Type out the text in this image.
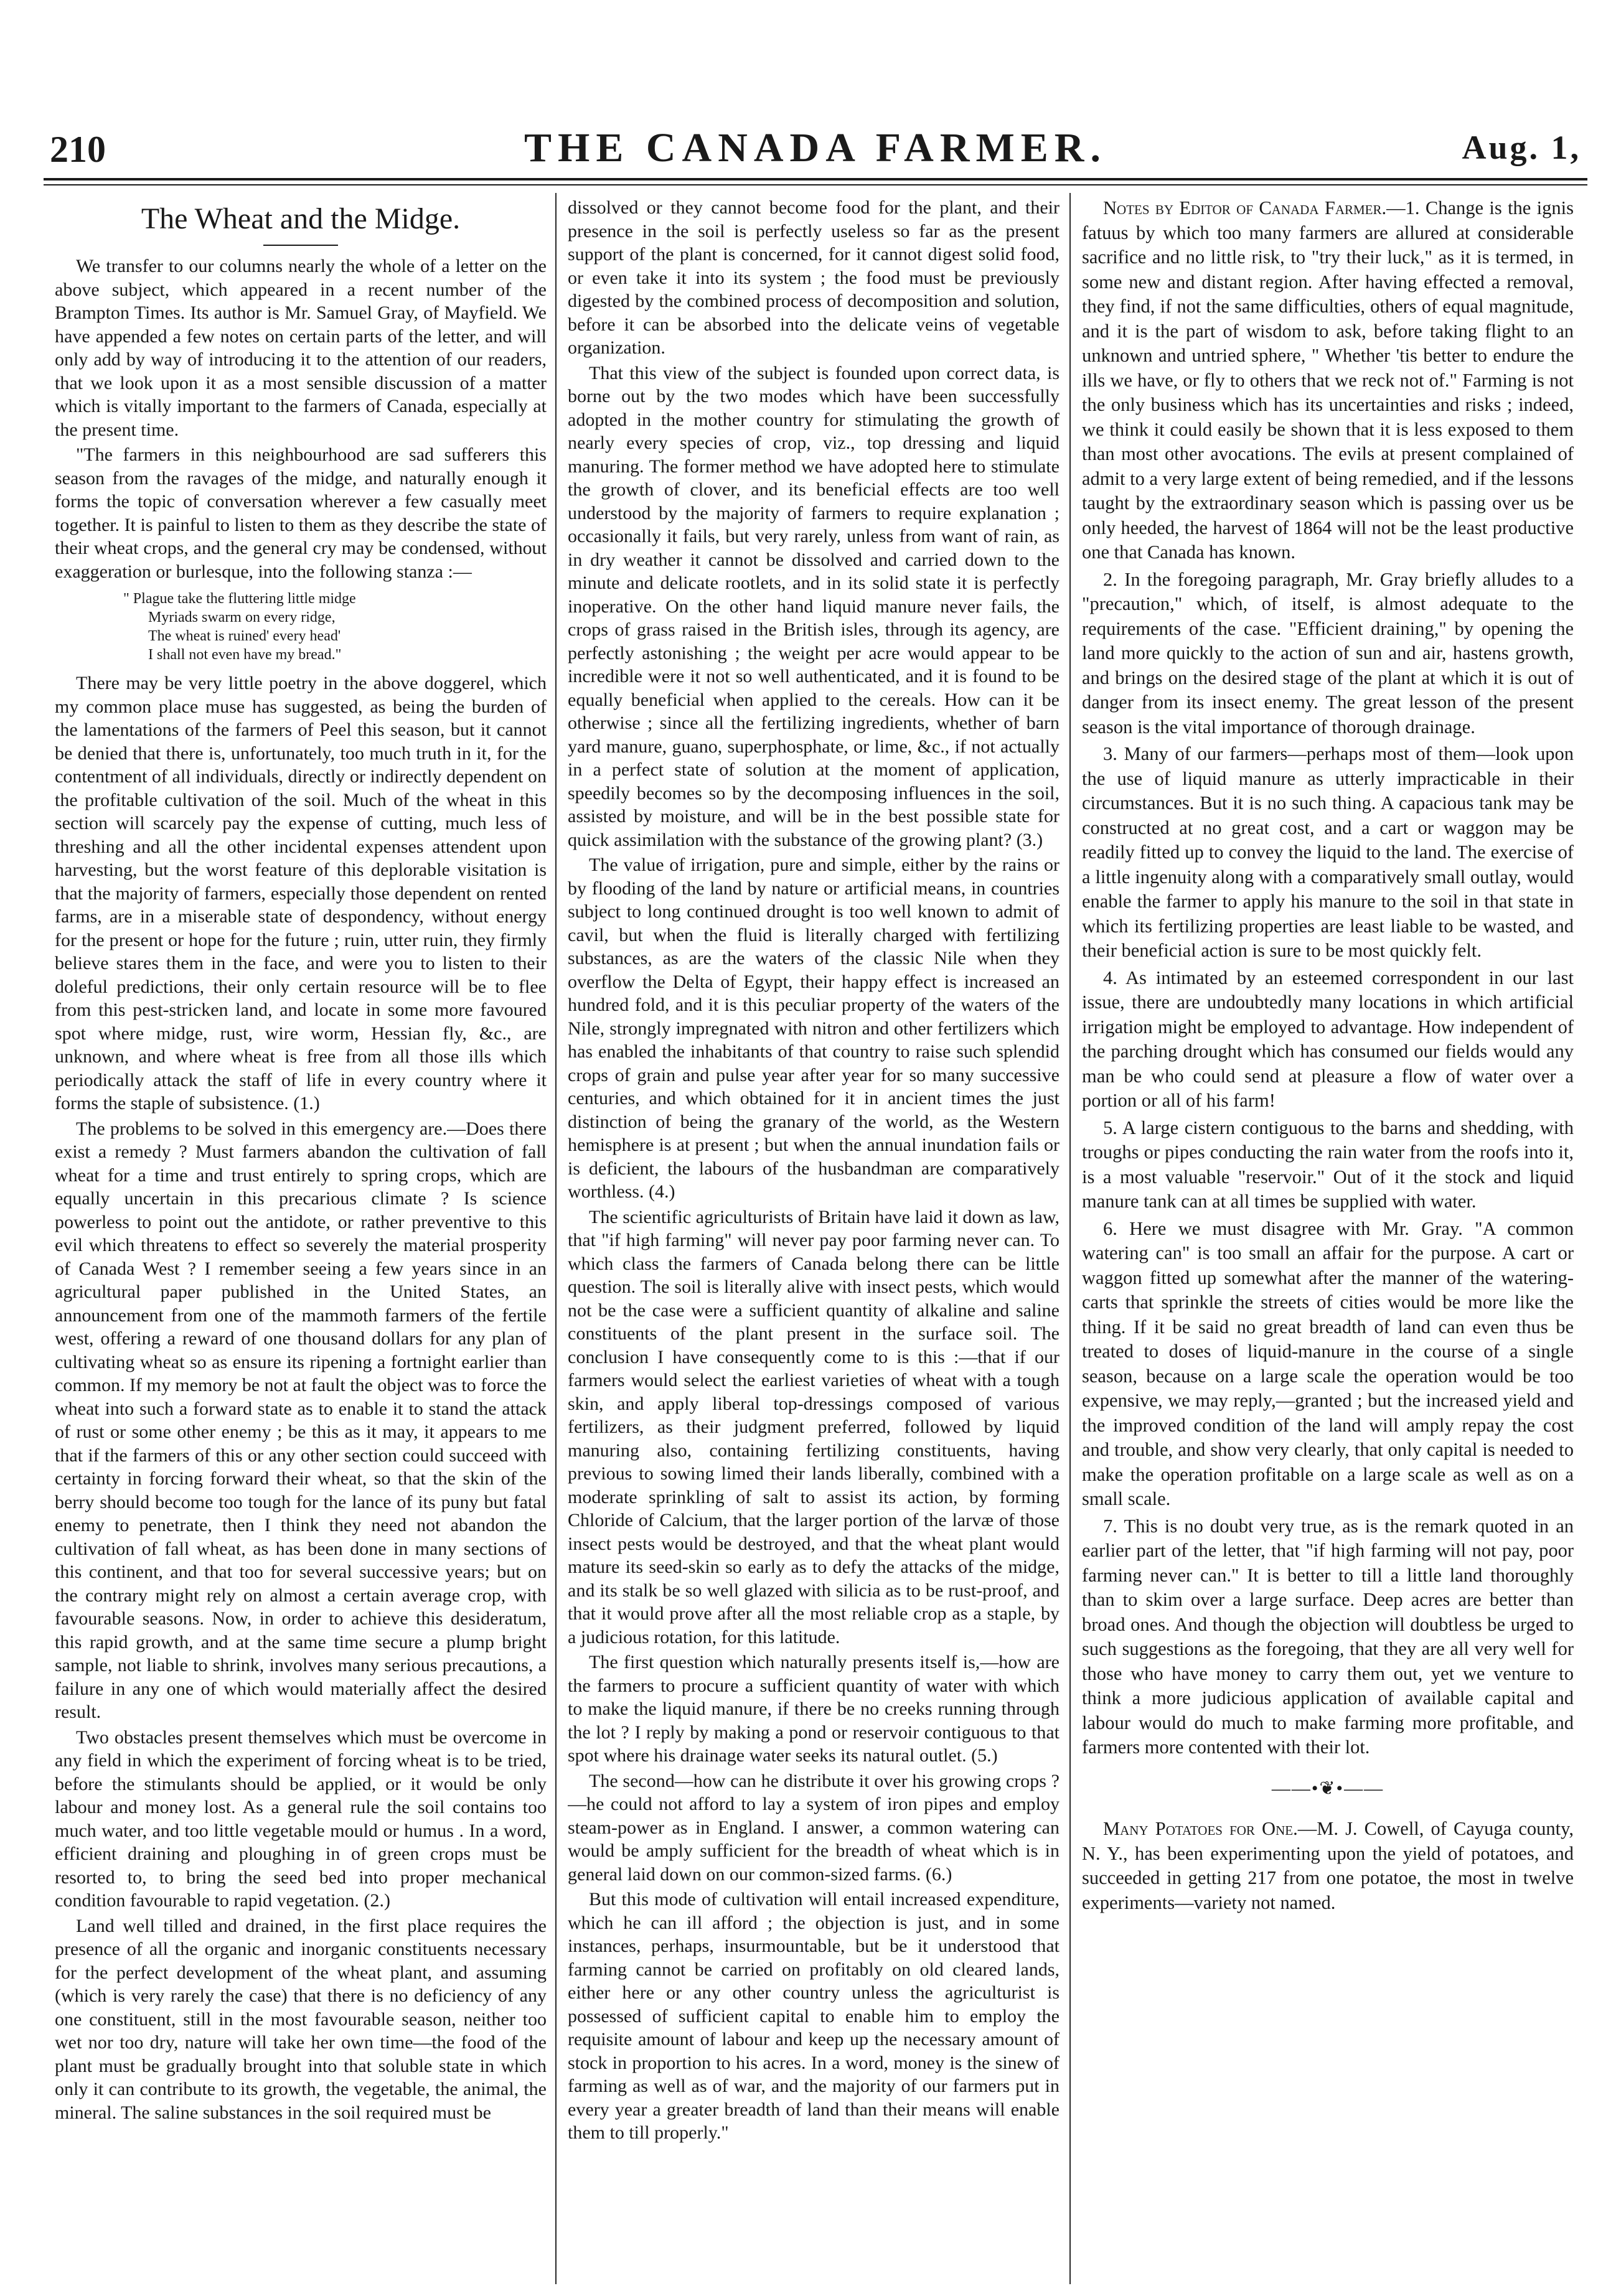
210	THE CANADA FARMER.	Aug. 1,
The Wheat and the Midge.

We transfer to our columns nearly the whole of a letter on the above subject, which appeared in a recent number of the Brampton Times. Its author is Mr. Samuel Gray, of Mayfield. We have appended a few notes on certain parts of the letter, and will only add by way of introducing it to the attention of our readers, that we look upon it as a most sensible discussion of a matter which is vitally important to the farmers of Canada, especially at the present time.

"The farmers in this neighbourhood are sad sufferers this season from the ravages of the midge, and naturally enough it forms the topic of conversation wherever a few casually meet together. It is painful to listen to them as they describe the state of their wheat crops, and the general cry may be condensed, without exaggeration or burlesque, into the following stanza :—

" Plague take the fluttering little midge
Myriads swarm on every ridge,
The wheat is ruined' every head'
I shall not even have my bread."

There may be very little poetry in the above doggerel, which my common place muse has suggested, as being the burden of the lamentations of the farmers of Peel this season, but it cannot be denied that there is, unfortunately, too much truth in it, for the contentment of all individuals, directly or indirectly dependent on the profitable cultivation of the soil. Much of the wheat in this section will scarcely pay the expense of cutting, much less of threshing and all the other incidental expenses attendent upon harvesting, but the worst feature of this deplorable visitation is that the majority of farmers, especially those dependent on rented farms, are in a miserable state of despondency, without energy for the present or hope for the future ; ruin, utter ruin, they firmly believe stares them in the face, and were you to listen to their doleful predictions, their only certain resource will be to flee from this pest-stricken land, and locate in some more favoured spot where midge, rust, wire worm, Hessian fly, &c., are unknown, and where wheat is free from all those ills which periodically attack the staff of life in every country where it forms the staple of subsistence. (1.)

The problems to be solved in this emergency are.—Does there exist a remedy ? Must farmers abandon the cultivation of fall wheat for a time and trust entirely to spring crops, which are equally uncertain in this precarious climate ? Is science powerless to point out the antidote, or rather preventive to this evil which threatens to effect so severely the material prosperity of Canada West ? I remember seeing a few years since in an agricultural paper published in the United States, an announcement from one of the mammoth farmers of the fertile west, offering a reward of one thousand dollars for any plan of cultivating wheat so as ensure its ripening a fortnight earlier than common. If my memory be not at fault the object was to force the wheat into such a forward state as to enable it to stand the attack of rust or some other enemy ; be this as it may, it appears to me that if the farmers of this or any other section could succeed with certainty in forcing forward their wheat, so that the skin of the berry should become too tough for the lance of its puny but fatal enemy to penetrate, then I think they need not abandon the cultivation of fall wheat, as has been done in many sections of this continent, and that too for several successive years; but on the contrary might rely on almost a certain average crop, with favourable seasons. Now, in order to achieve this desideratum, this rapid growth, and at the same time secure a plump bright sample, not liable to shrink, involves many serious precautions, a failure in any one of which would materially affect the desired result.

Two obstacles present themselves which must be overcome in any field in which the experiment of forcing wheat is to be tried, before the stimulants should be applied, or it would be only labour and money lost. As a general rule the soil contains too much water, and too little vegetable mould or humus . In a word, efficient draining and ploughing in of green crops must be resorted to, to bring the seed bed into proper mechanical condition favourable to rapid vegetation. (2.)

Land well tilled and drained, in the first place requires the presence of all the organic and inorganic constituents necessary for the perfect development of the wheat plant, and assuming (which is very rarely the case) that there is no deficiency of any one constituent, still in the most favourable season, neither too wet nor too dry, nature will take her own time—the food of the plant must be gradually brought into that soluble state in which only it can contribute to its growth, the vegetable, the animal, the mineral. The saline substances in the soil required must be

dissolved or they cannot become food for the plant, and their presence in the soil is perfectly useless so far as the present support of the plant is concerned, for it cannot digest solid food, or even take it into its system ; the food must be previously digested by the combined process of decomposition and solution, before it can be absorbed into the delicate veins of vegetable organization.

That this view of the subject is founded upon correct data, is borne out by the two modes which have been successfully adopted in the mother country for stimulating the growth of nearly every species of crop, viz., top dressing and liquid manuring. The former method we have adopted here to stimulate the growth of clover, and its beneficial effects are too well understood by the majority of farmers to require explanation ; occasionally it fails, but very rarely, unless from want of rain, as in dry weather it cannot be dissolved and carried down to the minute and delicate rootlets, and in its solid state it is perfectly inoperative. On the other hand liquid manure never fails, the crops of grass raised in the British isles, through its agency, are perfectly astonishing ; the weight per acre would appear to be incredible were it not so well authenticated, and it is found to be equally beneficial when applied to the cereals. How can it be otherwise ; since all the fertilizing ingredients, whether of barn yard manure, guano, superphosphate, or lime, &c., if not actually in a perfect state of solution at the moment of application, speedily becomes so by the decomposing influences in the soil, assisted by moisture, and will be in the best possible state for quick assimilation with the substance of the growing plant? (3.)

The value of irrigation, pure and simple, either by the rains or by flooding of the land by nature or artificial means, in countries subject to long continued drought is too well known to admit of cavil, but when the fluid is literally charged with fertilizing substances, as are the waters of the classic Nile when they overflow the Delta of Egypt, their happy effect is increased an hundred fold, and it is this peculiar property of the waters of the Nile, strongly impregnated with nitron and other fertilizers which has enabled the inhabitants of that country to raise such splendid crops of grain and pulse year after year for so many successive centuries, and which obtained for it in ancient times the just distinction of being the granary of the world, as the Western hemisphere is at present ; but when the annual inundation fails or is deficient, the labours of the husbandman are comparatively worthless. (4.)

The scientific agriculturists of Britain have laid it down as law, that "if high farming" will never pay poor farming never can. To which class the farmers of Canada belong there can be little question. The soil is literally alive with insect pests, which would not be the case were a sufficient quantity of alkaline and saline constituents of the plant present in the surface soil. The conclusion I have consequently come to is this :—that if our farmers would select the earliest varieties of wheat with a tough skin, and apply liberal top-dressings composed of various fertilizers, as their judgment preferred, followed by liquid manuring also, containing fertilizing constituents, having previous to sowing limed their lands liberally, combined with a moderate sprinkling of salt to assist its action, by forming Chloride of Calcium, that the larger portion of the larvæ of those insect pests would be destroyed, and that the wheat plant would mature its seed-skin so early as to defy the attacks of the midge, and its stalk be so well glazed with silicia as to be rust-proof, and that it would prove after all the most reliable crop as a staple, by a judicious rotation, for this latitude.

The first question which naturally presents itself is,—how are the farmers to procure a sufficient quantity of water with which to make the liquid manure, if there be no creeks running through the lot ? I reply by making a pond or reservoir contiguous to that spot where his drainage water seeks its natural outlet. (5.)

The second—how can he distribute it over his growing crops ?—he could not afford to lay a system of iron pipes and employ steam-power as in England. I answer, a common watering can would be amply sufficient for the breadth of wheat which is in general laid down on our common-sized farms. (6.)

But this mode of cultivation will entail increased expenditure, which he can ill afford ; the objection is just, and in some instances, perhaps, insurmountable, but be it understood that farming cannot be carried on profitably on old cleared lands, either here or any other country unless the agriculturist is possessed of sufficient capital to enable him to employ the requisite amount of labour and keep up the necessary amount of stock in proportion to his acres. In a word, money is the sinew of farming as well as of war, and the majority of our farmers put in every year a greater breadth of land than their means will enable them to till properly."

Notes by Editor of Canada Farmer.—1. Change is the ignis fatuus by which too many farmers are allured at considerable sacrifice and no little risk, to "try their luck," as it is termed, in some new and distant region. After having effected a removal, they find, if not the same difficulties, others of equal magnitude, and it is the part of wisdom to ask, before taking flight to an unknown and untried sphere, " Whether 'tis better to endure the ills we have, or fly to others that we reck not of." Farming is not the only business which has its uncertainties and risks ; indeed, we think it could easily be shown that it is less exposed to them than most other avocations. The evils at present complained of admit to a very large extent of being remedied, and if the lessons taught by the extraordinary season which is passing over us be only heeded, the harvest of 1864 will not be the least productive one that Canada has known.

2. In the foregoing paragraph, Mr. Gray briefly alludes to a "precaution," which, of itself, is almost adequate to the requirements of the case. "Efficient draining," by opening the land more quickly to the action of sun and air, hastens growth, and brings on the desired stage of the plant at which it is out of danger from its insect enemy. The great lesson of the present season is the vital importance of thorough drainage.

3. Many of our farmers—perhaps most of them—look upon the use of liquid manure as utterly impracticable in their circumstances. But it is no such thing. A capacious tank may be constructed at no great cost, and a cart or waggon may be readily fitted up to convey the liquid to the land. The exercise of a little ingenuity along with a comparatively small outlay, would enable the farmer to apply his manure to the soil in that state in which its fertilizing properties are least liable to be wasted, and their beneficial action is sure to be most quickly felt.

4. As intimated by an esteemed correspondent in our last issue, there are undoubtedly many locations in which artificial irrigation might be employed to advantage. How independent of the parching drought which has consumed our fields would any man be who could send at pleasure a flow of water over a portion or all of his farm!

5. A large cistern contiguous to the barns and shedding, with troughs or pipes conducting the rain water from the roofs into it, is a most valuable "reservoir." Out of it the stock and liquid manure tank can at all times be supplied with water.

6. Here we must disagree with Mr. Gray. "A common watering can" is too small an affair for the purpose. A cart or waggon fitted up somewhat after the manner of the watering-carts that sprinkle the streets of cities would be more like the thing. If it be said no great breadth of land can even thus be treated to doses of liquid-manure in the course of a single season, because on a large scale the operation would be too expensive, we may reply,—granted ; but the increased yield and the improved condition of the land will amply repay the cost and trouble, and show very clearly, that only capital is needed to make the operation profitable on a large scale as well as on a small scale.

7. This is no doubt very true, as is the remark quoted in an earlier part of the letter, that "if high farming will not pay, poor farming never can." It is better to till a little land thoroughly than to skim over a large surface. Deep acres are better than broad ones. And though the objection will doubtless be urged to such suggestions as the foregoing, that they are all very well for those who have money to carry them out, yet we venture to think a more judicious application of available capital and labour would do much to make farming more profitable, and farmers more contented with their lot.

——•❦•——

Many Potatoes for One.—M. J. Cowell, of Cayuga county, N. Y., has been experimenting upon the yield of potatoes, and succeeded in getting 217 from one potatoe, the most in twelve experiments—variety not named.
